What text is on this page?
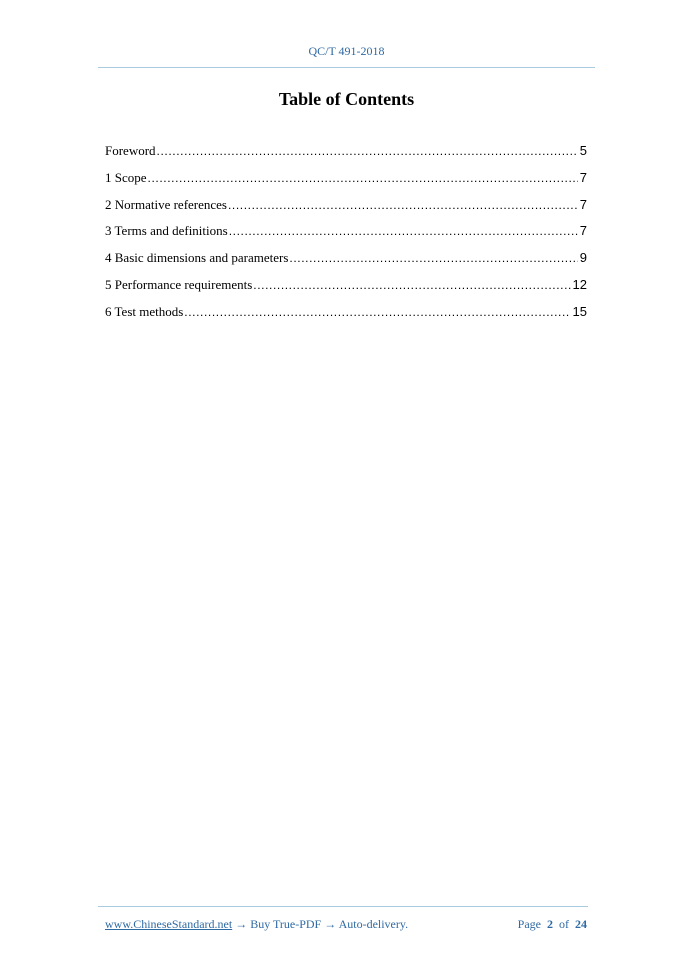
QC/T 491-2018
Table of Contents
Foreword .....	5
1 Scope .....	7
2 Normative references .....	7
3 Terms and definitions .....	7
4 Basic dimensions and parameters .....	9
5 Performance requirements .....	12
6 Test methods .....	15
www.ChineseStandard.net → Buy True-PDF → Auto-delivery.	Page 2 of 24
